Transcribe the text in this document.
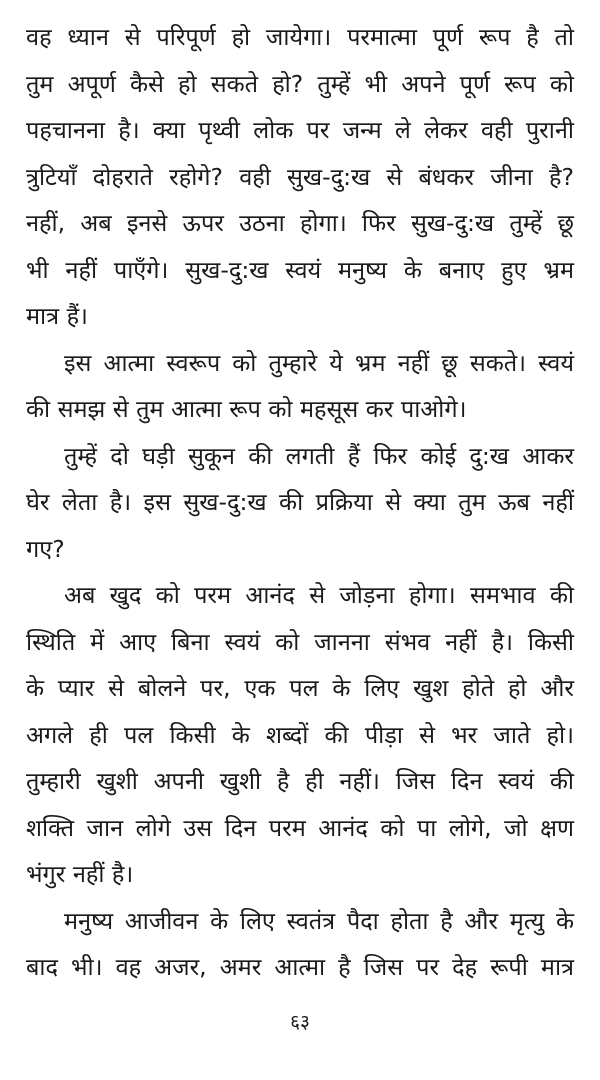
वह ध्यान से परिपूर्ण हो जायेगा। परमात्मा पूर्ण रूप है तो
तुम अपूर्ण कैसे हो सकते हो? तुम्हें भी अपने पूर्ण रूप को
पहचानना है। क्या पृथ्वी लोक पर जन्म ले लेकर वही पुरानी
त्रुटियाँ दोहराते रहोगे? वही सुख-दु:ख से बंधकर जीना है?
नहीं, अब इनसे ऊपर उठना होगा। फिर सुख-दु:ख तुम्हें छू
भी नहीं पाएँगे। सुख-दु:ख स्वयं मनुष्य के बनाए हुए भ्रम
मात्र हैं।
इस आत्मा स्वरूप को तुम्हारे ये भ्रम नहीं छू सकते। स्वयं
की समझ से तुम आत्मा रूप को महसूस कर पाओगे।
तुम्हें दो घड़ी सुकून की लगती हैं फिर कोई दु:ख आकर
घेर लेता है। इस सुख-दु:ख की प्रक्रिया से क्या तुम ऊब नहीं
गए?
अब खुद को परम आनंद से जोड़ना होगा। समभाव की
स्थिति में आए बिना स्वयं को जानना संभव नहीं है। किसी
के प्यार से बोलने पर, एक पल के लिए खुश होते हो और
अगले ही पल किसी के शब्दों की पीड़ा से भर जाते हो।
तुम्हारी खुशी अपनी खुशी है ही नहीं। जिस दिन स्वयं की
शक्ति जान लोगे उस दिन परम आनंद को पा लोगे, जो क्षण
भंगुर नहीं है।
मनुष्य आजीवन के लिए स्वतंत्र पैदा होता है और मृत्यु के
बाद भी। वह अजर, अमर आत्मा है जिस पर देह रूपी मात्र
६३
